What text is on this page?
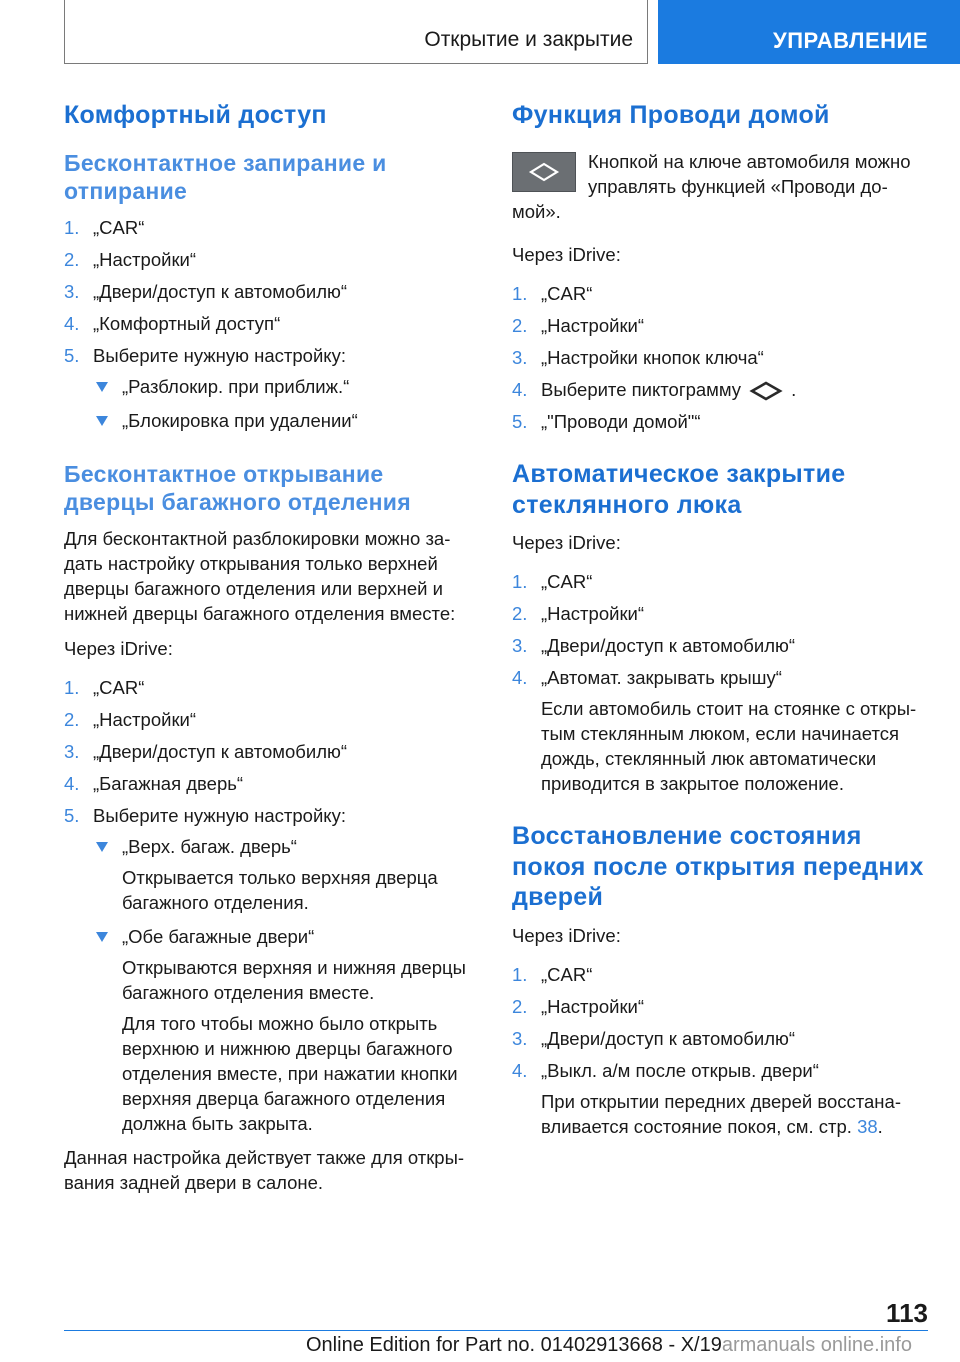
Открытие и закрытие	УПРАВЛЕНИЕ
Комфортный доступ
Бесконтактное запирание и отпирание
1. „CAR“
2. „Настройки“
3. „Двери/доступ к автомобилю“
4. „Комфортный доступ“
5. Выберите нужную настройку:
„Разблокир. при приближ.“
„Блокировка при удалении“
Бесконтактное открывание дверцы багажного отделения

Для бесконтактной разблокировки можно за-дать настройку открывания только верхней дверцы багажного отделения или верхней и нижней дверцы багажного отделения вместе:

Через iDrive:

1. „CAR“
2. „Настройки“
3. „Двери/доступ к автомобилю“
4. „Багажная дверь“
5. Выберите нужную настройку:
„Верх. багаж. дверь“
Открывается только верхняя дверца багажного отделения.
„Обе багажные двери“
Открываются верхняя и нижняя дверцы багажного отделения вместе.
Для того чтобы можно было открыть верхнюю и нижнюю дверцы багажного отделения вместе, при нажатии кнопки верхняя дверца багажного отделения должна быть закрыта.

Данная настройка действует также для откры-вания задней двери в салоне.

Функция Проводи домой

Кнопкой на ключе автомобиля можно управлять функцией «Проводи до-мой».

Через iDrive:

1. „CAR“
2. „Настройки“
3. „Настройки кнопок ключа“
4. Выберите пиктограмму	.
5. „"Проводи домой"“
Автоматическое закрытие стеклянного люка

Через iDrive:

1. „CAR“
2. „Настройки“
3. „Двери/доступ к автомобилю“
4. „Автомат. закрывать крышу“
Если автомобиль стоит на стоянке с откры-тым стеклянным люком, если начинается дождь, стеклянный люк автоматически приводится в закрытое положение.
Восстановление состояния покоя после открытия передних дверей

Через iDrive:

1. „CAR“
2. „Настройки“
3. „Двери/доступ к автомобилю“
4. „Выкл. а/м после открыв. двери“
При открытии передних дверей восстана-вливается состояние покоя, см. стр. 38.
113
Online Edition for Part no. 01402913668 - X/19armanuals online.info
